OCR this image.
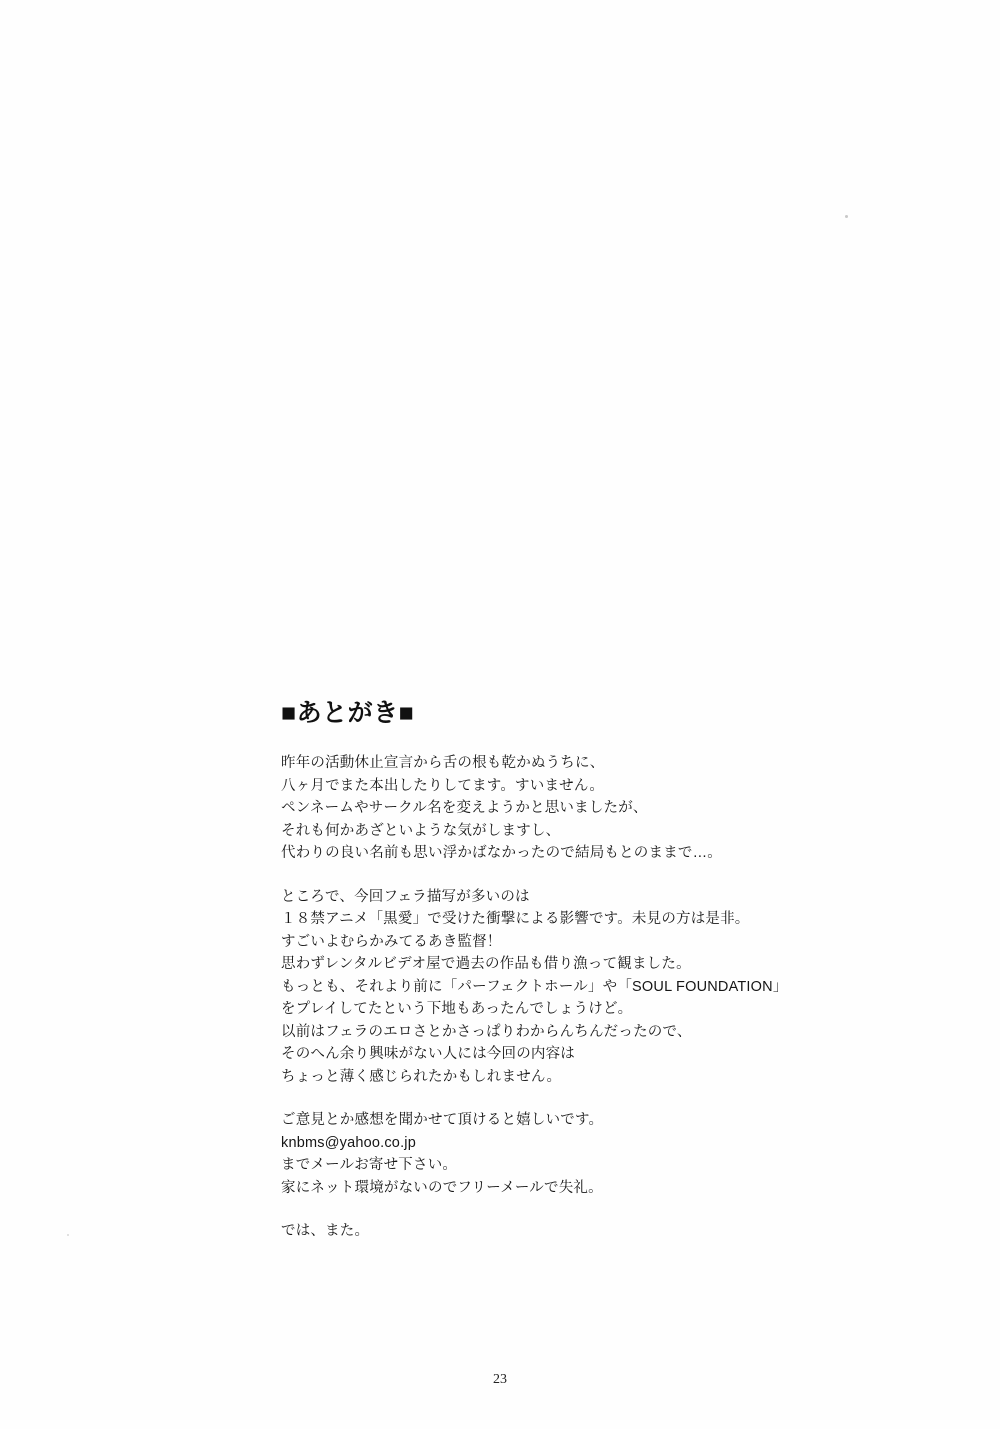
■あとがき■

昨年の活動休止宣言から舌の根も乾かぬうちに、
八ヶ月でまた本出したりしてます。すいません。
ペンネームやサークル名を変えようかと思いましたが、
それも何かあざといような気がしますし、
代わりの良い名前も思い浮かばなかったので結局もとのままで…。

ところで、今回フェラ描写が多いのは
１８禁アニメ「黒愛」で受けた衝撃による影響です。未見の方は是非。
すごいよむらかみてるあき監督！
思わずレンタルビデオ屋で過去の作品も借り漁って観ました。
もっとも、それより前に「パーフェクトホール」や「SOUL FOUNDATION」
をプレイしてたという下地もあったんでしょうけど。
以前はフェラのエロさとかさっぱりわからんちんだったので、
そのへん余り興味がない人には今回の内容は
ちょっと薄く感じられたかもしれません。

ご意見とか感想を聞かせて頂けると嬉しいです。
knbms@yahoo.co.jp
までメールお寄せ下さい。
家にネット環境がないのでフリーメールで失礼。

では、また。

23
